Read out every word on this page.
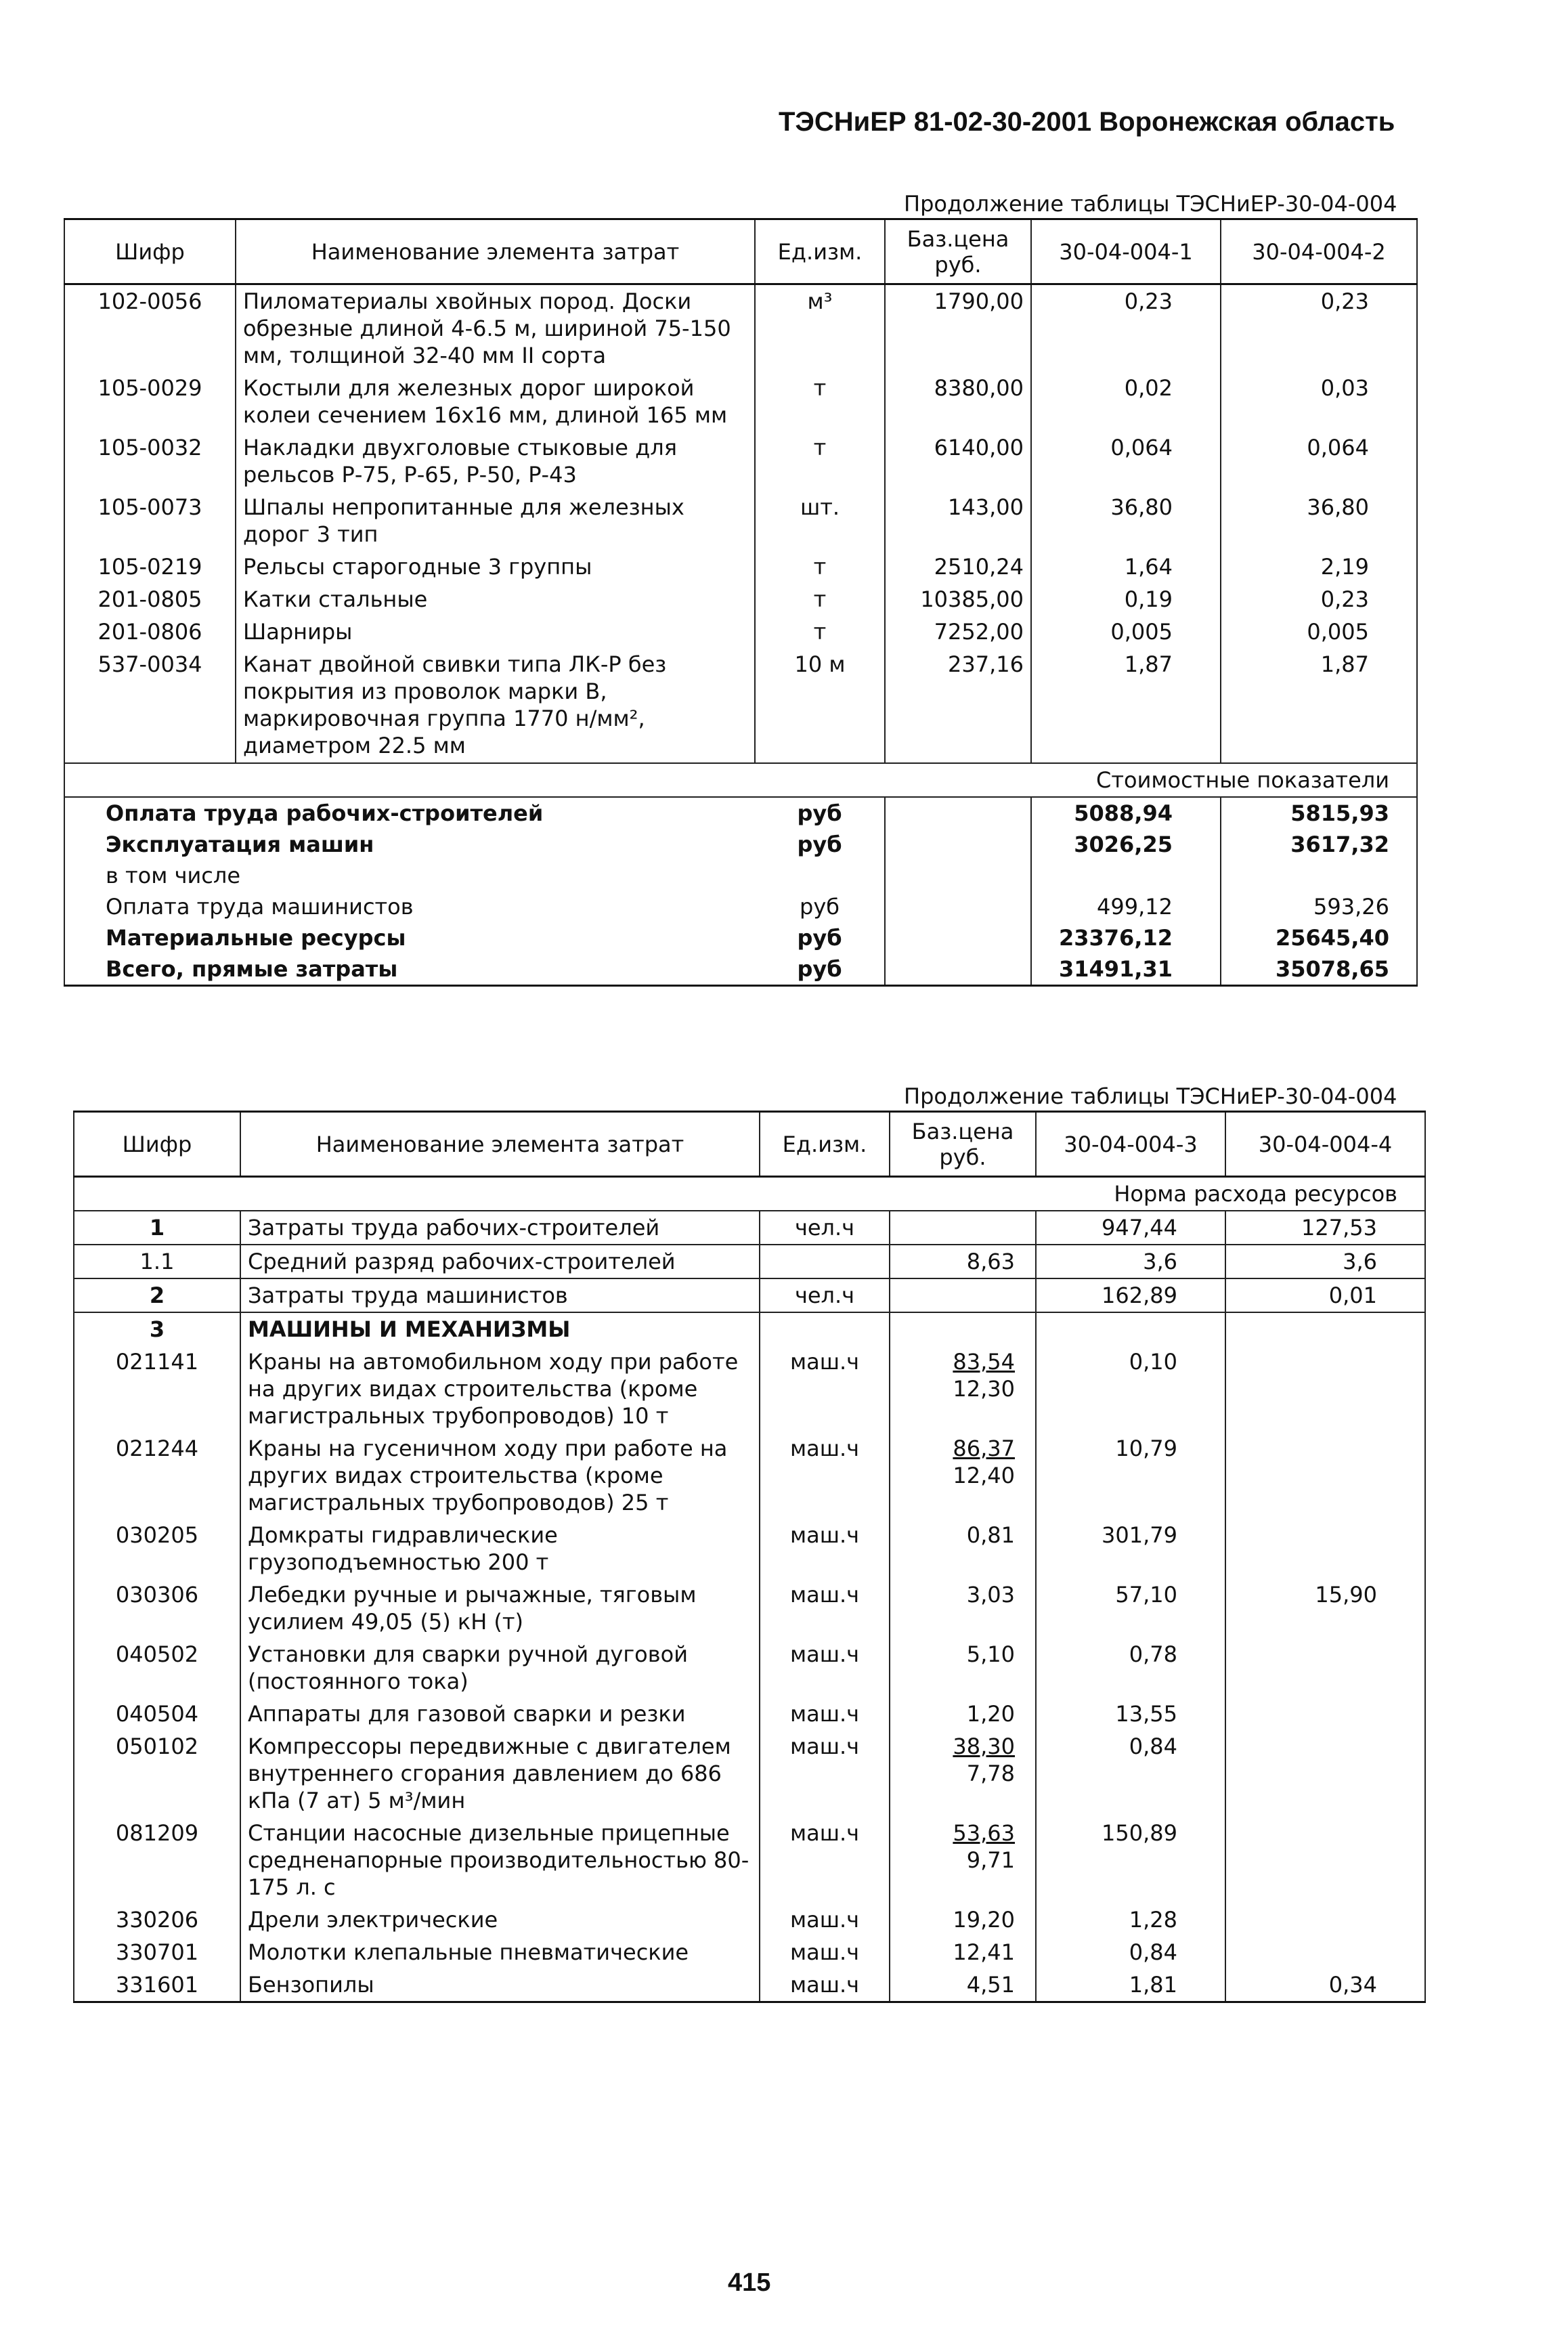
ТЭСНиЕР 81-02-30-2001 Воронежская область
Продолжение таблицы ТЭСНиЕР-30-04-004
Шифр	Наименование элемента затрат	Ед.изм.	Баз.цена руб.	30-04-004-1	30-04-004-2
102-0056	Пиломатериалы хвойных пород. Доски обрезные длиной 4-6.5 м, шириной 75-150 мм, толщиной 32-40 мм II сорта	м³	1790,00	0,23	0,23
105-0029	Костыли для железных дорог широкой колеи сечением 16х16 мм, длиной 165 мм	т	8380,00	0,02	0,03
105-0032	Накладки двухголовые стыковые для рельсов Р-75, Р-65, Р-50, Р-43	т	6140,00	0,064	0,064
105-0073	Шпалы непропитанные для железных дорог 3 тип	шт.	143,00	36,80	36,80
105-0219	Рельсы старогодные 3 группы	т	2510,24	1,64	2,19
201-0805	Катки стальные	т	10385,00	0,19	0,23
201-0806	Шарниры	т	7252,00	0,005	0,005
537-0034	Канат двойной свивки типа ЛК-Р без покрытия из проволок марки В, маркировочная группа 1770 н/мм², диаметром 22.5 мм	10 м	237,16	1,87	1,87
Стоимостные показатели					
Оплата труда рабочих-строителей		руб		5088,94	5815,93
Эксплуатация машин		руб		3026,25	3617,32
в том числе					
Оплата труда машинистов		руб		499,12	593,26
Материальные ресурсы		руб		23376,12	25645,40
Всего, прямые затраты		руб		31491,31	35078,65
Продолжение таблицы ТЭСНиЕР-30-04-004
Шифр	Наименование элемента затрат	Ед.изм.	Баз.цена руб.	30-04-004-3	30-04-004-4
Норма расхода ресурсов					
1	Затраты труда рабочих-строителей	чел.ч		947,44	127,53
1.1	Средний разряд рабочих-строителей		8,63	3,6	3,6
2	Затраты труда машинистов	чел.ч		162,89	0,01
3	МАШИНЫ И МЕХАНИЗМЫ				
021141	Краны на автомобильном ходу при работе на других видах строительства (кроме магистральных трубопроводов) 10 т	маш.ч	$\frac{83,54}{12,30}$	0,10	
021244	Краны на гусеничном ходу при работе на других видах строительства (кроме магистральных трубопроводов) 25 т	маш.ч	$\frac{86,37}{12,40}$	10,79	
030205	Домкраты гидравлические грузоподъемностью 200 т	маш.ч	0,81	301,79	
030306	Лебедки ручные и рычажные, тяговым усилием 49,05 (5) кН (т)	маш.ч	3,03	57,10	15,90
040502	Установки для сварки ручной дуговой (постоянного тока)	маш.ч	5,10	0,78	
040504	Аппараты для газовой сварки и резки	маш.ч	1,20	13,55	
050102	Компрессоры передвижные с двигателем внутреннего сгорания давлением до 686 кПа (7 ат) 5 м³/мин	маш.ч	$\frac{38,30}{7,78}$	0,84	
081209	Станции насосные дизельные прицепные средненапорные производительностью 80-175 л. с	маш.ч	$\frac{53,63}{9,71}$	150,89	
330206	Дрели электрические	маш.ч	19,20	1,28	
330701	Молотки клепальные пневматические	маш.ч	12,41	0,84	
331601	Бензопилы	маш.ч	4,51	1,81	0,34
415
